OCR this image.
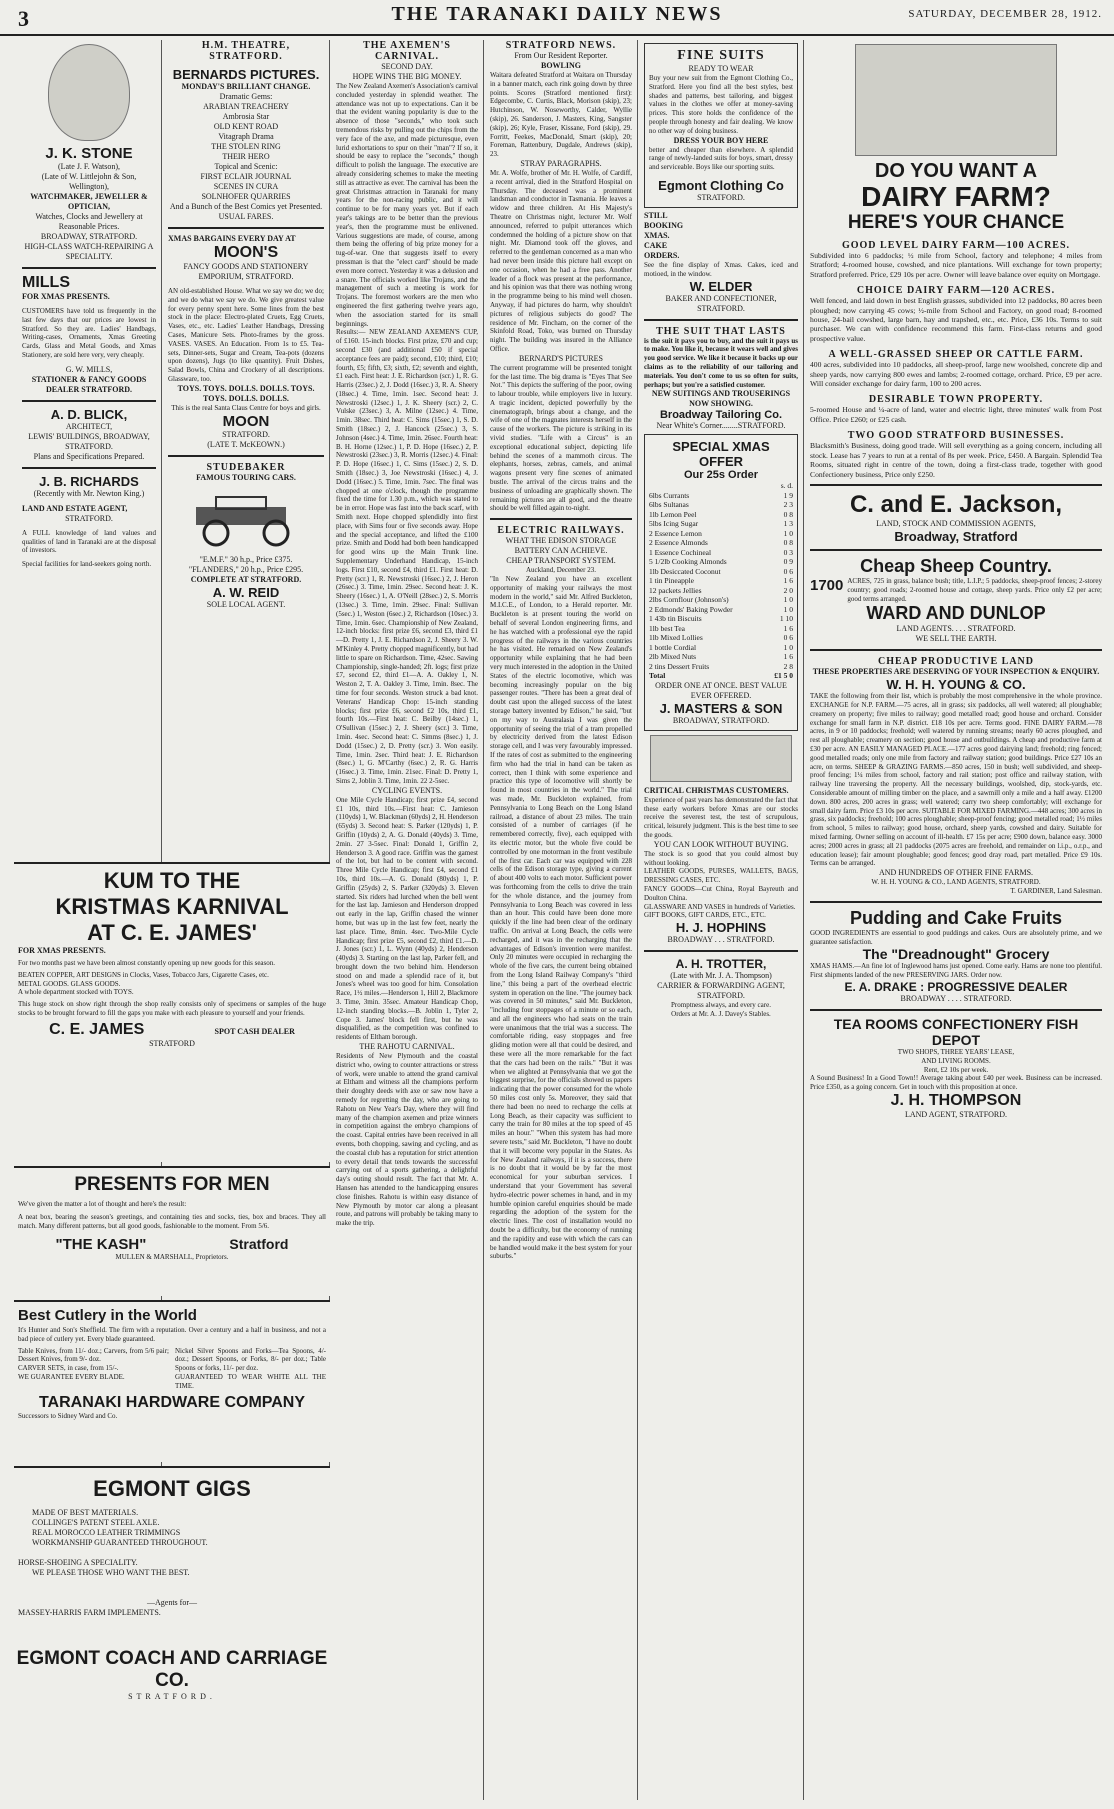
3	THE TARANAKI DAILY NEWS	SATURDAY, DECEMBER 28, 1912.
J. K. STONE
(Late J. F. Watson),
(Late of W. Littlejohn & Son, Wellington),
WATCHMAKER, JEWELLER & OPTICIAN,
Watches, Clocks and Jewellery at Reasonable Prices.
BROADWAY, STRATFORD.
HIGH-CLASS WATCH-REPAIRING A SPECIALITY.
MILLS
FOR XMAS PRESENTS.
CUSTOMERS have told us frequently in the last few days that our prices are lowest in Stratford. So they are. Ladies' Handbags, Writing-cases, Ornaments, Xmas Greeting Cards, Glass and Metal Goods, and Xmas Stationery, are sold here very, very cheaply.
G. W. MILLS,
STATIONER & FANCY GOODS DEALER STRATFORD.
A. D. BLICK,
ARCHITECT,
LEWIS' BUILDINGS, BROADWAY, STRATFORD.
Plans and Specifications Prepared.
J. B. RICHARDS
(Recently with Mr. Newton King.)
LAND AND ESTATE AGENT,
STRATFORD.
A FULL knowledge of land values and qualities of land in Taranaki are at the disposal of investors.
Special facilities for land-seekers going north.
H.M. THEATRE, STRATFORD.
BERNARDS PICTURES.
MONDAY'S BRILLIANT CHANGE.
Dramatic Gems:
ARABIAN TREACHERY
Ambrosia Star
OLD KENT ROAD
Vitagraph Drama
THE STOLEN RING
THEIR HERO
Topical and Scenic:
FIRST ECLAIR JOURNAL
SCENES IN CURA
SOLNHOFER QUARRIES
And a Bunch of the Best Comics yet Presented.
USUAL FARES.
XMAS BARGAINS EVERY DAY AT
MOON'S
FANCY GOODS AND STATIONERY EMPORIUM, STRATFORD.
AN old-established House. What we say we do; we do; and we do what we say we do. We give greatest value for every penny spent here. Some lines from the best stock in the place: Electro-plated Cruets, Egg Cruets, Vases, etc., etc. Ladies' Leather Handbags, Dressing Cases, Manicure Sets. Photo-frames by the gross. VASES. VASES. An Education. From 1s to £5. Tea-sets, Dinner-sets, Sugar and Cream, Tea-pots (dozens upon dozens), Jugs (to like quantity). Fruit Dishes, Salad Bowls, China and Crockery of all descriptions. Glassware, too.
TOYS. TOYS. DOLLS. DOLLS. TOYS. TOYS. DOLLS. DOLLS.
This is the real Santa Claus Centre for boys and girls.
MOON
STRATFORD.
(LATE T. McKEOWN.)
STUDEBAKER
FAMOUS TOURING CARS.
"E.M.F." 30 h.p., Price £375.
"FLANDERS," 20 h.p., Price £295.
COMPLETE AT STRATFORD.
A. W. REID
SOLE LOCAL AGENT.
THE AXEMEN'S CARNIVAL.
SECOND DAY.
HOPE WINS THE BIG MONEY.
The New Zealand Axemen's Association's carnival concluded yesterday in splendid weather. The attendance was not up to expectations. Can it be that the evident waning popularity is due to the absence of those "seconds," who took such tremendous risks by pulling out the chips from the very face of the axe, and made picturesque, even lurid exhortations to spur on their "man"? If so, it should be easy to replace the "seconds," though difficult to polish the language. The executive are already considering schemes to make the meeting still as attractive as ever. The carnival has been the great Christmas attraction in Taranaki for many years for the non-racing public, and it will continue to be for many years yet. But if each year's takings are to be better than the previous year's, then the programme must be enlivened. Various suggestions are made, of course, among them being the offering of big prize money for a tug-of-war. One that suggests itself to every pressman is that the "elect card" should be made even more correct. Yesterday it was a delusion and a snare. The officials worked like Trojans, and the management of such a meeting is work for Trojans. The foremost workers are the men who engineered the first gathering twelve years ago, when the association started for its small beginnings.
Results:— NEW ZEALAND AXEMEN'S CUP, of £160. 15-inch blocks. First prize, £70 and cup; second £30 (and additional £50 if special acceptance fees are paid); second, £10; third, £10; fourth, £5; fifth, £3; sixth, £2; seventh and eighth, £1 each. First heat: J. E. Richardson (scr.) 1, R. G. Harris (23sec.) 2, J. Dodd (16sec.) 3, R. A. Sheery (18sec.) 4. Time, 1min. 1sec. Second heat: J. Newstroski (12sec.) 1, J. K. Sheery (scr.) 2, C. Vulske (23sec.) 3, A. Milne (12sec.) 4. Time, 1min. 38sec. Third heat: C. Sims (15sec.) 1, S. D. Smith (18sec.) 2, J. Hancock (25sec.) 3, S. Johnson (4sec.) 4. Time, 1min. 26sec. Fourth heat: B. H. Horne (12sec.) 1, P. D. Hope (16sec.) 2, P. Newstroski (23sec.) 3, R. Morris (12sec.) 4. Final: P. D. Hope (16sec.) 1, C. Sims (15sec.) 2, S. D. Smith (18sec.) 3, Joe Newstroski (16sec.) 4, J. Dodd (16sec.) 5. Time, 1min. 7sec. The final was chopped at one o'clock, though the programme fixed the time for 1.30 p.m., which was stated to be in error. Hope was fast into the back scarf, with Smith next. Hope chopped splendidly into first place, with Sims four or five seconds away. Hope and the special acceptance, and lifted the £100 prize. Smith and Dodd had both been handicapped for good wins up the Main Trunk line. Supplementary Underhand Handicap, 15-inch logs. First £10, second £4, third £1. First heat: D. Pretty (scr.) 1, R. Newstroski (16sec.) 2, J. Heron (26sec.) 3. Time, 1min. 29sec. Second heat: J. K. Sheery (16sec.) 1, A. O'Neill (28sec.) 2, S. Morris (13sec.) 3. Time, 1min. 29sec. Final: Sullivan (5sec.) 1, Weston (6sec.) 2, Richardson (10sec.) 3. Time, 1min. 6sec. Championship of New Zealand, 12-inch blocks: first prize £6, second £3, third £1—D. Pretty 1, J. E. Richardson 2, J. Sheery 3. W. M'Kinley 4. Pretty chopped magnificently, but had little to spare on Richardson. Time, 42sec. Sawing Championship, single-handed; 2ft. logs; first prize £7, second £2, third £1—A. A. Oakley 1, N. Weston 2, T. A. Oakley 3. Time, 1min. 8sec. The time for four seconds. Weston struck a bad knot. Veterans' Handicap Chop: 15-inch standing blocks; first prize £6, second £2 10s, third £1, fourth 10s.—First heat: C. Beilby (14sec.) 1, O'Sullivan (15sec.) 2, J. Sheery (scr.) 3. Time, 1min. 4sec. Second heat: C. Simms (8sec.) 1, J. Dodd (15sec.) 2, D. Pretty (scr.) 3. Won easily. Time, 1min. 2sec. Third heat: J. E. Richardson (8sec.) 1, G. M'Carthy (6sec.) 2, R. G. Harris (16sec.) 3. Time, 1min. 21sec. Final: D. Pretty 1, Sims 2, Joblin 3. Time, 1min. 22 2-5sec.
CYCLING EVENTS.
One Mile Cycle Handicap; first prize £4, second £1 10s, third 10s.—First heat: C. Jamieson (110yds) 1, W. Blackman (60yds) 2, H. Henderson (65yds) 3. Second heat: S. Parker (120yds) 1, P. Griffin (10yds) 2, A. G. Donald (40yds) 3. Time, 2min. 27 3-5sec. Final: Donald 1, Griffin 2, Henderson 3. A good race. Griffin was the gamest of the lot, but had to be content with second. Three Mile Cycle Handicap; first £4, second £1 10s, third 10s.—A. G. Donald (80yds) 1, P. Griffin (25yds) 2, S. Parker (320yds) 3. Eleven started. Six riders had lurched when the bell went for the last lap. Jamieson and Henderson dropped out early in the lap, Griffin chased the winner home, but was up in the last few feet, nearly the last place. Time, 8min. 4sec. Two-Mile Cycle Handicap; first prize £5, second £2, third £1.—D. J. Jones (scr.) 1, L. Wynn (40yds) 2, Henderson (40yds) 3. Starting on the last lap, Parker fell, and brought down the two behind him. Henderson stood on and made a splendid race of it, but Jones's wheel was too good for him. Consolation Race, 1½ miles.—Henderson 1, Hill 2, Blackmore 3. Time, 3min. 35sec. Amateur Handicap Chop, 12-inch standing blocks.—B. Joblin 1, Tyler 2, Cope 3. James' block fell first, but he was disqualified, as the competition was confined to residents of Eltham borough.
THE RAHOTU CARNIVAL.
Residents of New Plymouth and the coastal district who, owing to counter attractions or stress of work, were unable to attend the grand carnival at Eltham and witness all the champions perform their doughty deeds with axe or saw now have a remedy for regretting the day, who are going to Rahotu on New Year's Day, where they will find many of the champion axemen and prize winners in competition against the embryo champions of the coast. Capital entries have been received in all events, both chopping, sawing and cycling, and as the coastal club has a reputation for strict attention to every detail that tends towards the successful carrying out of a sports gathering, a delightful day's outing should result. The fact that Mr. A. Hansen has attended to the handicapping ensures close finishes. Rahotu is within easy distance of New Plymouth by motor car along a pleasant route, and patrons will probably be taking many to make the trip.
STRATFORD NEWS.
From Our Resident Reporter.
BOWLING
Waitara defeated Stratford at Waitara on Thursday in a banner match, each rink going down by three points. Scores (Stratford mentioned first): Edgecombe, C. Curtis, Black, Morison (skip), 23; Hutchinson, W. Noseworthy, Calder, Wyllie (skip), 26. Sanderson, J. Masters, King, Sangster (skip), 26; Kyle, Fraser, Kissane, Ford (skip), 29. Forritt, Feekes, MacDonald, Smart (skip), 20; Foreman, Rattenbury, Dugdale, Andrews (skip), 23.
STRAY PARAGRAPHS.
Mr. A. Wolfe, brother of Mr. H. Wolfe, of Cardiff, a recent arrival, died in the Stratford Hospital on Thursday. The deceased was a prominent landsman and conductor in Tasmania. He leaves a widow and three children. At His Majesty's Theatre on Christmas night, lecturer Mr. Wolf announced, referred to pulpit utterances which condemned the holding of a picture show on that night. Mr. Diamond took off the gloves, and referred to the gentleman concerned as a man who had never been inside this picture hall except on one occasion, when he had a free pass. Another leader of a flock was present at the performance, and his opinion was that there was nothing wrong in the programme being to his mind well chosen. Anyway, if had pictures do harm, why shouldn't pictures of religious subjects do good? The residence of Mr. Fincham, on the corner of the Skinfold Road, Toko, was burned on Thursday night. The building was insured in the Alliance Office.
BERNARD'S PICTURES
The current programme will be presented tonight for the last time. The big drama is "Eyes That See Not." This depicts the suffering of the poor, owing to labour trouble, while employers live in luxury. A tragic incident, depicted powerfully by the cinematograph, brings about a change, and the wife of one of the magnates interests herself in the cause of the workers. The picture is striking in its vivid studies. "Life with a Circus" is an exceptional educational subject, depicting life behind the scenes of a mammoth circus. The elephants, horses, zebras, camels, and animal wagons present very fine scenes of animated bustle. The arrival of the circus trains and the business of unloading are graphically shown. The remaining pictures are all good, and the theatre should be well filled again to-night.
ELECTRIC RAILWAYS.
WHAT THE EDISON STORAGE BATTERY CAN ACHIEVE.
CHEAP TRANSPORT SYSTEM.
Auckland, December 23.
"In New Zealand you have an excellent opportunity of making your railways the most modern in the world," said Mr. Alfred Buckleton, M.I.C.E., of London, to a Herald reporter. Mr. Buckleton is at present touring the world on behalf of several London engineering firms, and he has watched with a professional eye the rapid progress of the railways in the various countries he has visited. He remarked on New Zealand's opportunity while explaining that he had been very much interested in the adoption in the United States of the electric locomotive, which was becoming increasingly popular on the big passenger routes. "There has been a great deal of doubt cast upon the alleged success of the latest storage battery invented by Edison," he said, "but on my way to Australasia I was given the opportunity of seeing the trial of a tram propelled by electricity derived from the latest Edison storage cell, and I was very favourably impressed. If the rates of cost as submitted to the engineering firm who had the trial in hand can be taken as correct, then I think with some experience and practice this type of locomotive will shortly be found in most countries in the world." The trial was made, Mr. Buckleton explained, from Pennsylvania to Long Beach on the Long Island railroad, a distance of about 23 miles. The train consisted of a number of carriages (if he remembered correctly, five), each equipped with its electric motor, but the whole five could be controlled by one motorman in the front vestibule of the first car. Each car was equipped with 228 cells of the Edison storage type, giving a current of about 400 volts to each motor. Sufficient power was forthcoming from the cells to drive the train for the whole distance, and the journey from Pennsylvania to Long Beach was covered in less than an hour. This could have been done more quickly if the line had been clear of the ordinary traffic. On arrival at Long Beach, the cells were recharged, and it was in the recharging that the advantages of Edison's invention were manifest. Only 20 minutes were occupied in recharging the whole of the five cars, the current being obtained from the Long Island Railway Company's "third line," this being a part of the overhead electric system in operation on the line. "The journey back was covered in 50 minutes," said Mr. Buckleton, "including four stoppages of a minute or so each, and all the engineers who had seats on the train were unanimous that the trial was a success. The comfortable riding, easy stoppages and free gliding motion were all that could be desired, and these were all the more remarkable for the fact that the cars had been on the rails." "But it was when we alighted at Pennsylvania that we got the biggest surprise, for the officials showed us papers indicating that the power consumed for the whole 50 miles cost only 5s. Moreover, they said that there had been no need to recharge the cells at Long Beach, as their capacity was sufficient to carry the train for 80 miles at the top speed of 45 miles an hour." "When this system has had more severe tests," said Mr. Buckleton, "I have no doubt that it will become very popular in the States. As for New Zealand railways, if it is a success, there is no doubt that it would be by far the most economical for your suburban services. I understand that your Government has several hydro-electric power schemes in hand, and in my humble opinion careful enquiries should be made regarding the adoption of the system for the electric lines. The cost of installation would no doubt be a difficulty, but the economy of running and the rapidity and ease with which the cars can be handled would make it the best system for your suburbs."
FINE SUITS
READY TO WEAR
Buy your new suit from the Egmont Clothing Co., Stratford. Here you find all the best styles, best shades and patterns, best tailoring, and biggest values in the clothes we offer at money-saving prices. This store holds the confidence of the people through honesty and fair dealing. We know no other way of doing business.
DRESS YOUR BOY HERE
better and cheaper than elsewhere. A splendid range of newly-landed suits for boys, smart, dressy and serviceable. Boys like our sporting suits.
Egmont Clothing Co
STRATFORD.
STILL
BOOKING
XMAS.
CAKE
ORDERS.
See the fine display of Xmas. Cakes, iced and motioed, in the window.
W. ELDER
BAKER AND CONFECTIONER, STRATFORD.
THE SUIT THAT LASTS
is the suit it pays you to buy, and the suit it pays us to make. You like it, because it wears well and gives you good service. We like it because it backs up our claims as to the reliability of our tailoring and materials. You don't come to us so often for suits, perhaps; but you're a satisfied customer.
NEW SUITINGS AND TROUSERINGS NOW SHOWING.
Broadway Tailoring Co.
Near White's Corner........STRATFORD.
SPECIAL XMAS OFFER
Our 25s Order
s. d.
6lbs Currants	1 9
6lbs Sultanas	2 3
1lb Lemon Peel	0 8
5lbs Icing Sugar	1 3
2 Essence Lemon	1 0
2 Essence Almonds	0 8
1 Essence Cochineal	0 3
5 1/2lb Cooking Almonds	0 9
1lb Desiccated Coconut	0 6
1 tin Pineapple	1 6
12 packets Jellies	2 0
2lbs Cornflour (Johnson's)	1 0
2 Edmonds' Baking Powder	1 0
1 43b tin Biscuits	1 10
1lb best Tea	1 6
1lb Mixed Lollies	0 6
1 bottle Cordial	1 0
2lb Mixed Nuts	1 6
2 tins Dessert Fruits	2 8
Total	£1 5 0
ORDER ONE AT ONCE. BEST VALUE EVER OFFERED.
J. MASTERS & SON
BROADWAY, STRATFORD.
CRITICAL CHRISTMAS CUSTOMERS.
Experience of past years has demonstrated the fact that these early workers before Xmas are our stocks receive the severest test, the test of scrupulous, critical, leisurely judgment. This is the best time to see the goods.
YOU CAN LOOK WITHOUT BUYING.
The stock is so good that you could almost buy without looking.
LEATHER GOODS, PURSES, WALLETS, BAGS, DRESSING CASES, ETC.
FANCY GOODS—Cut China, Royal Bayreuth and Doulton China.
GLASSWARE AND VASES in hundreds of Varieties.
GIFT BOOKS, GIFT CARDS, ETC., ETC.
H. J. HOPHINS
BROADWAY . . . STRATFORD.
A. H. TROTTER,
(Late with Mr. J. A. Thompson)
CARRIER & FORWARDING AGENT, STRATFORD.
Promptness always, and every care.
Orders at Mr. A. J. Davey's Stables.
DO YOU WANT A
DAIRY FARM?
HERE'S YOUR CHANCE
GOOD LEVEL DAIRY FARM—100 ACRES.
Subdivided into 6 paddocks; ½ mile from School, factory and telephone; 4 miles from Stratford; 4-roomed house, cowshed, and nice plantations. Will exchange for town property; Stratford preferred. Price, £29 10s per acre. Owner will leave balance over equity on Mortgage.
CHOICE DAIRY FARM—120 ACRES.
Well fenced, and laid down in best English grasses, subdivided into 12 paddocks, 80 acres been ploughed; now carrying 45 cows; ½-mile from School and Factory, on good road; 8-roomed house, 24-bail cowshed, large barn, hay and trapshed, etc., etc. Price, £36 10s. Terms to suit purchaser. We can with confidence recommend this farm. First-class returns and good prospective value.
A WELL-GRASSED SHEEP OR CATTLE FARM.
400 acres, subdivided into 10 paddocks, all sheep-proof, large new woolshed, concrete dip and sheep yards, now carrying 800 ewes and lambs; 2-roomed cottage, orchard. Price, £9 per acre. Will consider exchange for dairy farm, 100 to 200 acres.
DESIRABLE TOWN PROPERTY.
5-roomed House and ¼-acre of land, water and electric light, three minutes' walk from Post Office. Price £260; or £25 cash.
TWO GOOD STRATFORD BUSINESSES.
Blacksmith's Business, doing good trade. Will sell everything as a going concern, including all stock. Lease has 7 years to run at a rental of 8s per week. Price, £450. A Bargain. Splendid Tea Rooms, situated right in centre of the town, doing a first-class trade, together with good Confectionery business, Price only £250.
C. and E. Jackson,
LAND, STOCK AND COMMISSION AGENTS,
Broadway, Stratford
Cheap Sheep Country.
1700 ACRES, 725 in grass, balance bush; title, L.I.P.; 5 paddocks, sheep-proof fences; 2-storey country; good roads; 2-roomed house and cottage, sheep yards. Price only £2 per acre; good terms arranged.
WARD AND DUNLOP
LAND AGENTS. . . . STRATFORD.
WE SELL THE EARTH.
CHEAP PRODUCTIVE LAND
THESE PROPERTIES ARE DESERVING OF YOUR INSPECTION & ENQUIRY.
W. H. H. YOUNG & CO.
TAKE the following from their list, which is probably the most comprehensive in the whole province. EXCHANGE for N.P. FARM.—75 acres, all in grass; six paddocks, all well watered; all ploughable; creamery on property; five miles to railway; good metalled road; good house and orchard. Consider exchange for small farm in N.P. district. £18 10s per acre. Terms good. FINE DAIRY FARM.—78 acres, in 9 or 10 paddocks; freehold; well watered by running streams; nearly 60 acres ploughed, and rest all ploughable; creamery on section; good house and outbuildings. A cheap and productive farm at £30 per acre. AN EASILY MANAGED PLACE.—177 acres good dairying land; freehold; ring fenced; good metalled roads; only one mile from factory and railway station; good buildings. Price £27 10s an acre, on terms. SHEEP & GRAZING FARMS.—850 acres, 150 in bush; well subdivided, and sheep-proof fencing; 1¼ miles from school, factory and rail station; post office and railway station, with railway line traversing the property. All the necessary buildings, woolshed, dip, stock-yards, etc. Considerable amount of milling timber on the place, and a sawmill only a mile and a half away. £1200 down. 800 acres, 200 acres in grass; well watered; carry two sheep comfortably; will exchange for small dairy farm. Price £3 10s per acre. SUITABLE FOR MIXED FARMING.—448 acres; 300 acres in grass, six paddocks; freehold; 100 acres ploughable; sheep-proof fencing; good metalled road; 1½ miles from school, 5 miles to railway; good house, orchard, sheep yards, cowshed and dairy. Suitable for mixed farming. Owner selling on account of ill-health. £7 15s per acre; £900 down, balance easy. 3000 acres; 2000 acres in grass; all 21 paddocks (2075 acres are freehold, and remainder on l.i.p., o.r.p., and education lease); fair amount ploughable; good fences; good dray road, part metalled. Price £9 10s. Terms can be arranged.
AND HUNDREDS OF OTHER FINE FARMS.
W. H. H. YOUNG & CO., LAND AGENTS, STRATFORD.
T. GARDINER, Land Salesman.
Pudding and Cake Fruits
GOOD INGREDIENTS are essential to good puddings and cakes. Ours are absolutely prime, and we guarantee satisfaction.
The "Dreadnought" Grocery
XMAS HAMS.—An fine lot of Inglewood hams just opened. Come early. Hams are none too plentiful. First shipments landed of the new PRESERVING JARS. Order now.
E. A. DRAKE : PROGRESSIVE DEALER
BROADWAY . . . . STRATFORD.
TEA ROOMS CONFECTIONERY FISH DEPOT
TWO SHOPS, THREE YEARS' LEASE,
AND LIVING ROOMS.
Rent, £2 10s per week.
A Sound Business! In a Good Town!! Average taking about £40 per week. Business can be increased. Price £350, as a going concern. Get in touch with this proposition at once.
J. H. THOMPSON
LAND AGENT, STRATFORD.
KUM TO THE
KRISTMAS KARNIVAL
AT C. E. JAMES'
FOR XMAS PRESENTS.
For two months past we have been almost constantly opening up new goods for this season.
BEATEN COPPER, ART DESIGNS in Clocks, Vases, Tobacco Jars, Cigarette Cases, etc.
METAL GOODS. GLASS GOODS.
A whole department stocked with TOYS.
This huge stock on show right through the shop really consists only of specimens or samples of the huge stocks to be brought forward to fill the gaps you make with each pleasure to yourself and your friends.
C. E. JAMES	SPOT CASH DEALER
STRATFORD
PRESENTS FOR MEN
We've given the matter a lot of thought and here's the result:
A neat box, bearing the season's greetings, and containing ties and socks, ties, box and braces. They all match. Many different patterns, but all good goods, fashionable to the moment. From 5/6.
"THE KASH"	Stratford
MULLEN & MARSHALL, Proprietors.
Best Cutlery in the World
It's Hunter and Son's Sheffield. The firm with a reputation. Over a century and a half in business, and not a bad piece of cutlery yet. Every blade guaranteed.
Table Knives, from 11/- doz.; Carvers, from 5/6 pair; Dessert Knives, from 9/- doz.
CARVER SETS, in case, from 15/-.
WE GUARANTEE EVERY BLADE.
Nickel Silver Spoons and Forks—Tea Spoons, 4/- doz.; Dessert Spoons, or Forks, 8/- per doz.; Table Spoons or forks, 11/- per doz.
GUARANTEED TO WEAR WHITE ALL THE TIME.
TARANAKI HARDWARE COMPANY
Successors to Sidney Ward and Co.
EGMONT GIGS
MADE OF BEST MATERIALS.
COLLINGE'S PATENT STEEL AXLE.
REAL MOROCCO LEATHER TRIMMINGS
WORKMANSHIP GUARANTEED THROUGHOUT.
HORSE-SHOEING A SPECIALITY.
WE PLEASE THOSE WHO WANT THE BEST.
—Agents for—
MASSEY-HARRIS FARM IMPLEMENTS.
EGMONT COACH AND CARRIAGE CO.
STRATFORD.
